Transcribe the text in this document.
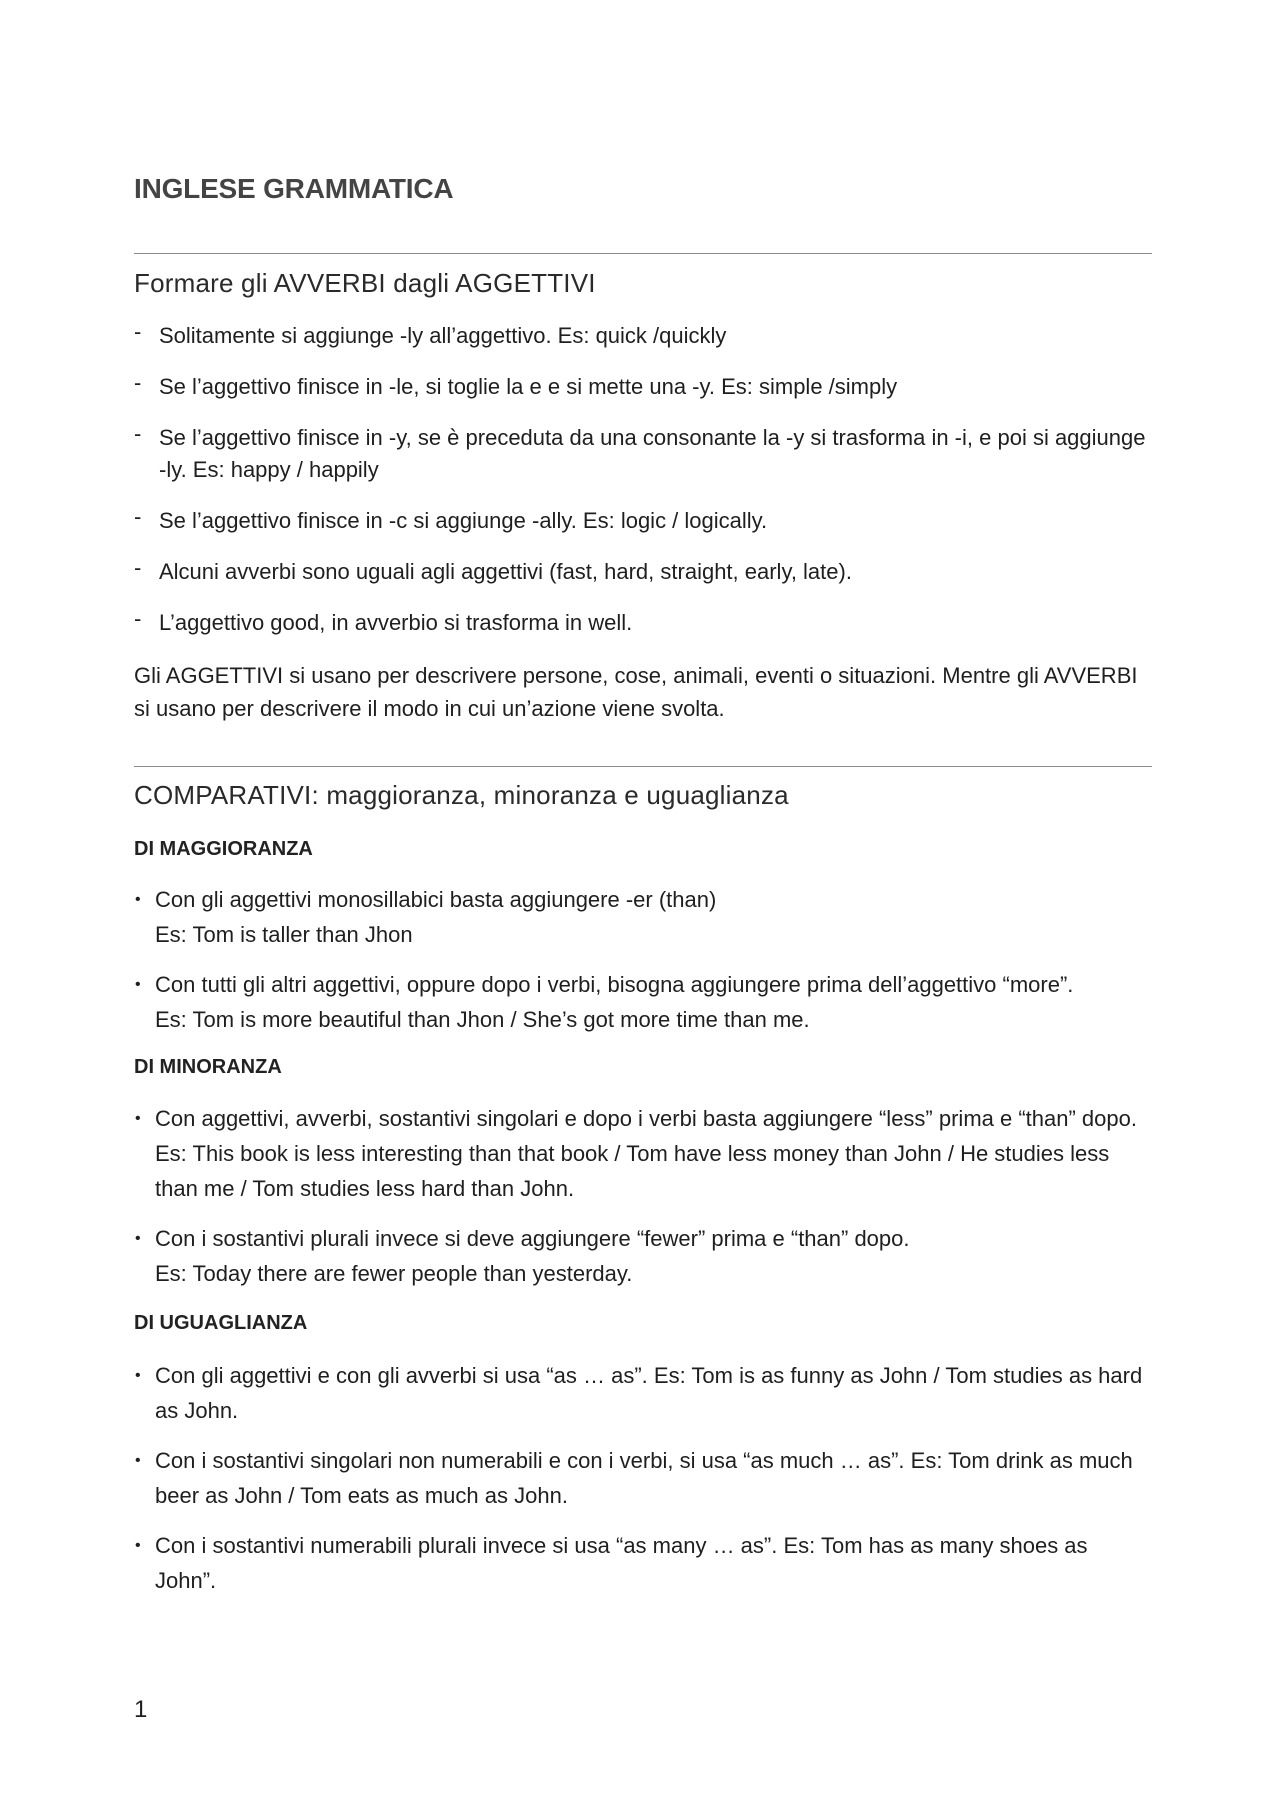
INGLESE GRAMMATICA
Formare gli AVVERBI dagli AGGETTIVI
- Solitamente si aggiunge -ly all’aggettivo. Es: quick /quickly
- Se l’aggettivo finisce in -le, si toglie la e e si mette una -y. Es: simple /simply
- Se l’aggettivo finisce in -y, se è preceduta da una consonante la -y si trasforma in -i, e poi si aggiunge -ly. Es: happy / happily
- Se l’aggettivo finisce in -c si aggiunge -ally. Es: logic / logically.
- Alcuni avverbi sono uguali agli aggettivi (fast, hard, straight, early, late).
- L’aggettivo good, in avverbio si trasforma in well.

Gli AGGETTIVI si usano per descrivere persone, cose, animali, eventi o situazioni. Mentre gli AVVERBI si usano per descrivere il modo in cui un’azione viene svolta.

COMPARATIVI: maggioranza, minoranza e uguaglianza
DI MAGGIORANZA
• Con gli aggettivi monosillabici basta aggiungere -er (than)
Es: Tom is taller than Jhon
• Con tutti gli altri aggettivi, oppure dopo i verbi, bisogna aggiungere prima dell’aggettivo “more”.
Es: Tom is more beautiful than Jhon / She’s got more time than me.
DI MINORANZA
• Con aggettivi, avverbi, sostantivi singolari e dopo i verbi basta aggiungere “less” prima e “than” dopo. Es: This book is less interesting than that book / Tom have less money than John / He studies less than me / Tom studies less hard than John.
• Con i sostantivi plurali invece si deve aggiungere “fewer” prima e “than” dopo.
Es: Today there are fewer people than yesterday.
DI UGUAGLIANZA
• Con gli aggettivi e con gli avverbi si usa “as … as”. Es: Tom is as funny as John / Tom studies as hard as John.
• Con i sostantivi singolari non numerabili e con i verbi, si usa “as much … as”. Es: Tom drink as much beer as John / Tom eats as much as John.
• Con i sostantivi numerabili plurali invece si usa “as many … as”. Es: Tom has as many shoes as John”.
1
